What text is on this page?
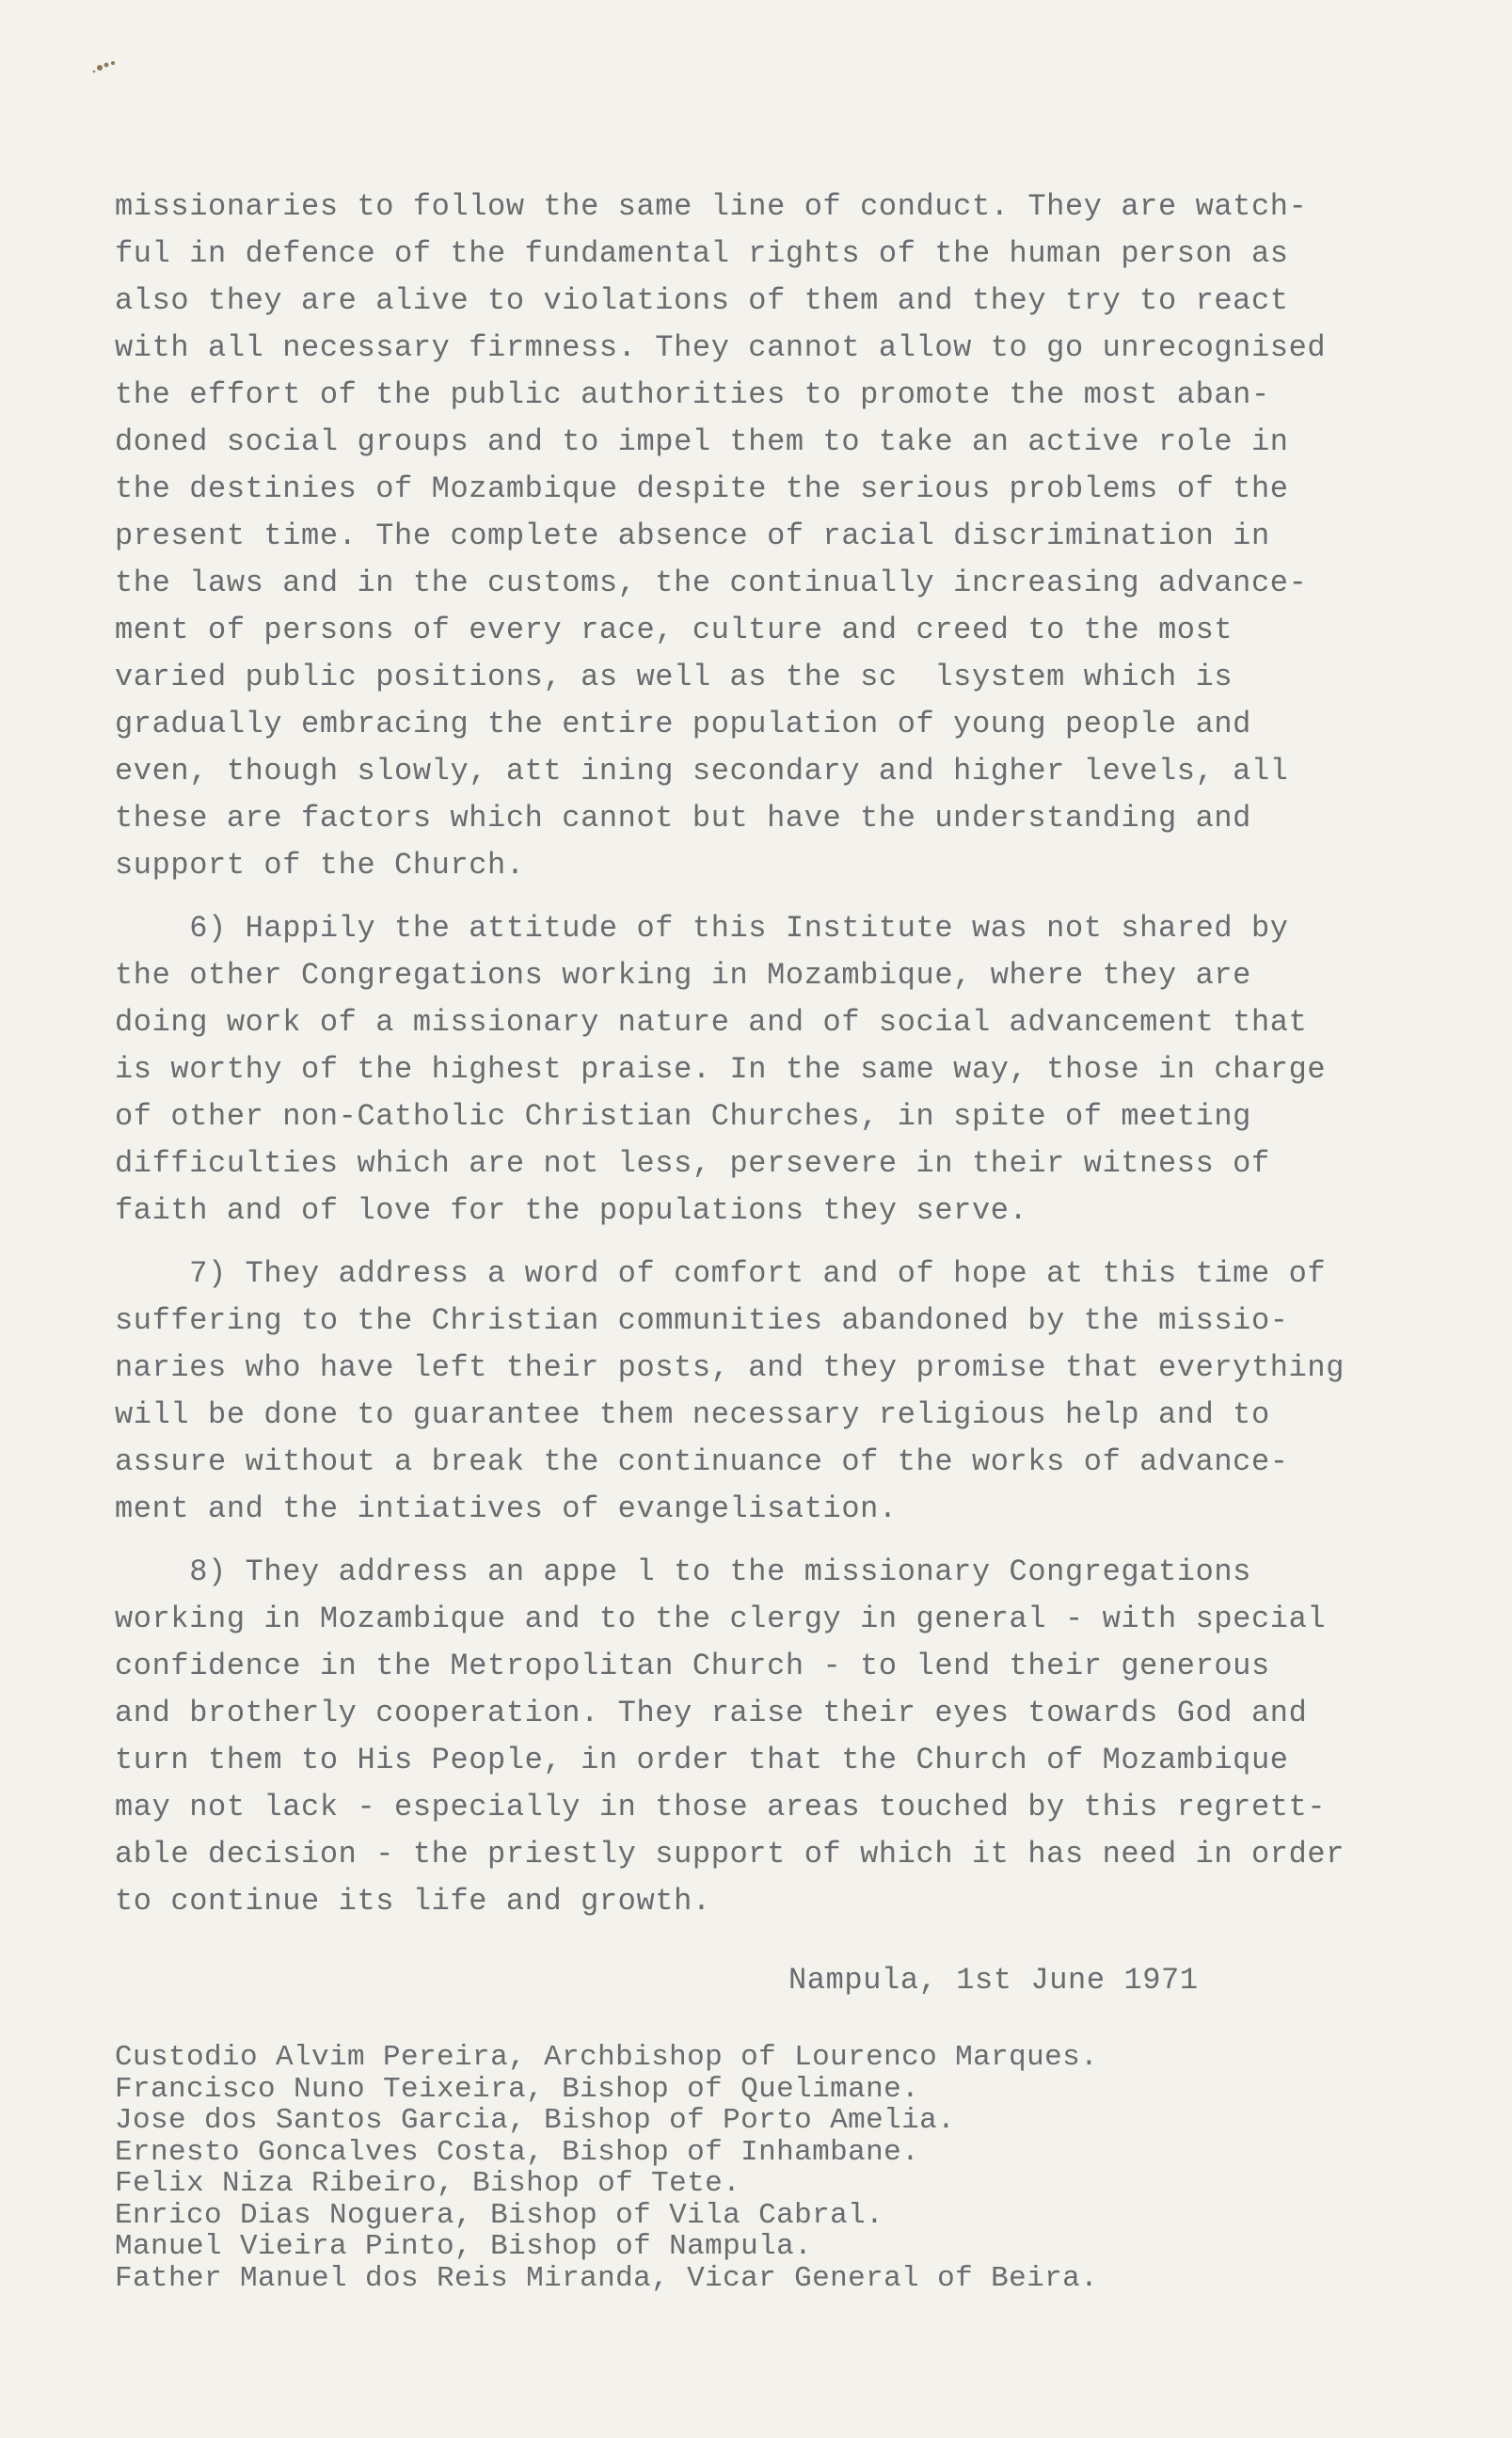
missionaries to follow the same line of conduct. They are watch-
ful in defence of the fundamental rights of the human person as
also they are alive to violations of them and they try to react
with all necessary firmness. They cannot allow to go unrecognised
the effort of the public authorities to promote the most aban-
doned social groups and to impel them to take an active role in
the destinies of Mozambique despite the serious problems of the
present time. The complete absence of racial discrimination in
the laws and in the customs, the continually increasing advance-
ment of persons of every race, culture and creed to the most
varied public positions, as well as the sc  lsystem which is
gradually embracing the entire population of young people and
even, though slowly, att ining secondary and higher levels, all
these are factors which cannot but have the understanding and
support of the Church.
6) Happily the attitude of this Institute was not shared by
the other Congregations working in Mozambique, where they are
doing work of a missionary nature and of social advancement that
is worthy of the highest praise. In the same way, those in charge
of other non-Catholic Christian Churches, in spite of meeting
difficulties which are not less, persevere in their witness of
faith and of love for the populations they serve.
7) They address a word of comfort and of hope at this time of
suffering to the Christian communities abandoned by the missio-
naries who have left their posts, and they promise that everything
will be done to guarantee them necessary religious help and to
assure without a break the continuance of the works of advance-
ment and the intiatives of evangelisation.
8) They address an appe l to the missionary Congregations
working in Mozambique and to the clergy in general - with special
confidence in the Metropolitan Church - to lend their generous
and brotherly cooperation. They raise their eyes towards God and
turn them to His People, in order that the Church of Mozambique
may not lack - especially in those areas touched by this regrett-
able decision - the priestly support of which it has need in order
to continue its life and growth.
Nampula, 1st June 1971
Custodio Alvim Pereira, Archbishop of Lourenco Marques.
Francisco Nuno Teixeira, Bishop of Quelimane.
Jose dos Santos Garcia, Bishop of Porto Amelia.
Ernesto Goncalves Costa, Bishop of Inhambane.
Felix Niza Ribeiro, Bishop of Tete.
Enrico Dias Noguera, Bishop of Vila Cabral.
Manuel Vieira Pinto, Bishop of Nampula.
Father Manuel dos Reis Miranda, Vicar General of Beira.
